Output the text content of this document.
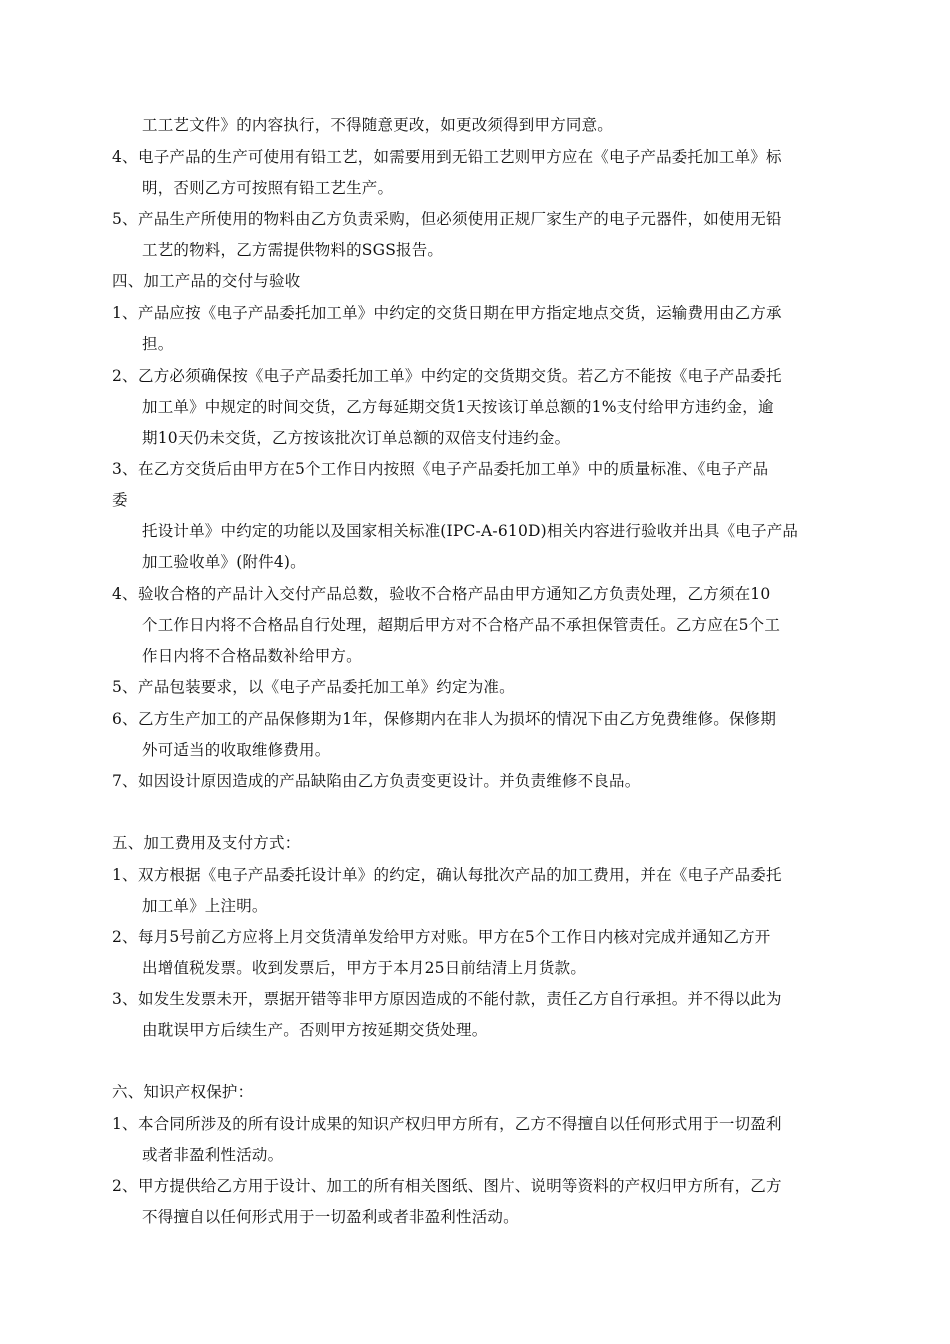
工工艺文件》的内容执行，不得随意更改，如更改须得到甲方同意。
4、 电子产品的生产可使用有铅工艺，如需要用到无铅工艺则甲方应在《电子产品委托加工单》标
明，否则乙方可按照有铅工艺生产。
5、 产品生产所使用的物料由乙方负责采购，但必须使用正规厂家生产的电子元器件，如使用无铅
工艺的物料，乙方需提供物料的SGS报告。
四、加工产品的交付与验收
1、 产品应按《电子产品委托加工单》中约定的交货日期在甲方指定地点交货，运输费用由乙方承
担。
2、 乙方必须确保按《电子产品委托加工单》中约定的交货期交货。若乙方不能按《电子产品委托
加工单》中规定的时间交货，乙方每延期交货1天按该订单总额的1%支付给甲方违约金，逾
期10天仍未交货，乙方按该批次订单总额的双倍支付违约金。
3、 在乙方交货后由甲方在5个工作日内按照《电子产品委托加工单》中的质量标准、《电子产品
委
托设计单》中约定的功能以及国家相关标准(IPC-A-610D)相关内容进行验收并出具《电子产品
加工验收单》(附件4)。
4、 验收合格的产品计入交付产品总数，验收不合格产品由甲方通知乙方负责处理，乙方须在10
个工作日内将不合格品自行处理，超期后甲方对不合格产品不承担保管责任。乙方应在5个工
作日内将不合格品数补给甲方。
5、 产品包装要求，以《电子产品委托加工单》约定为准。
6、 乙方生产加工的产品保修期为1年，保修期内在非人为损坏的情况下由乙方免费维修。保修期
外可适当的收取维修费用。
7、 如因设计原因造成的产品缺陷由乙方负责变更设计。并负责维修不良品。
五、加工费用及支付方式：
1、 双方根据《电子产品委托设计单》的约定，确认每批次产品的加工费用，并在《电子产品委托
加工单》上注明。
2、 每月5号前乙方应将上月交货清单发给甲方对账。甲方在5个工作日内核对完成并通知乙方开
出增值税发票。收到发票后，甲方于本月25日前结清上月货款。
3、 如发生发票未开，票据开错等非甲方原因造成的不能付款，责任乙方自行承担。并不得以此为
由耽误甲方后续生产。否则甲方按延期交货处理。
六、知识产权保护：
1、 本合同所涉及的所有设计成果的知识产权归甲方所有，乙方不得擅自以任何形式用于一切盈利
或者非盈利性活动。
2、 甲方提供给乙方用于设计、加工的所有相关图纸、图片、说明等资料的产权归甲方所有，乙方
不得擅自以任何形式用于一切盈利或者非盈利性活动。
